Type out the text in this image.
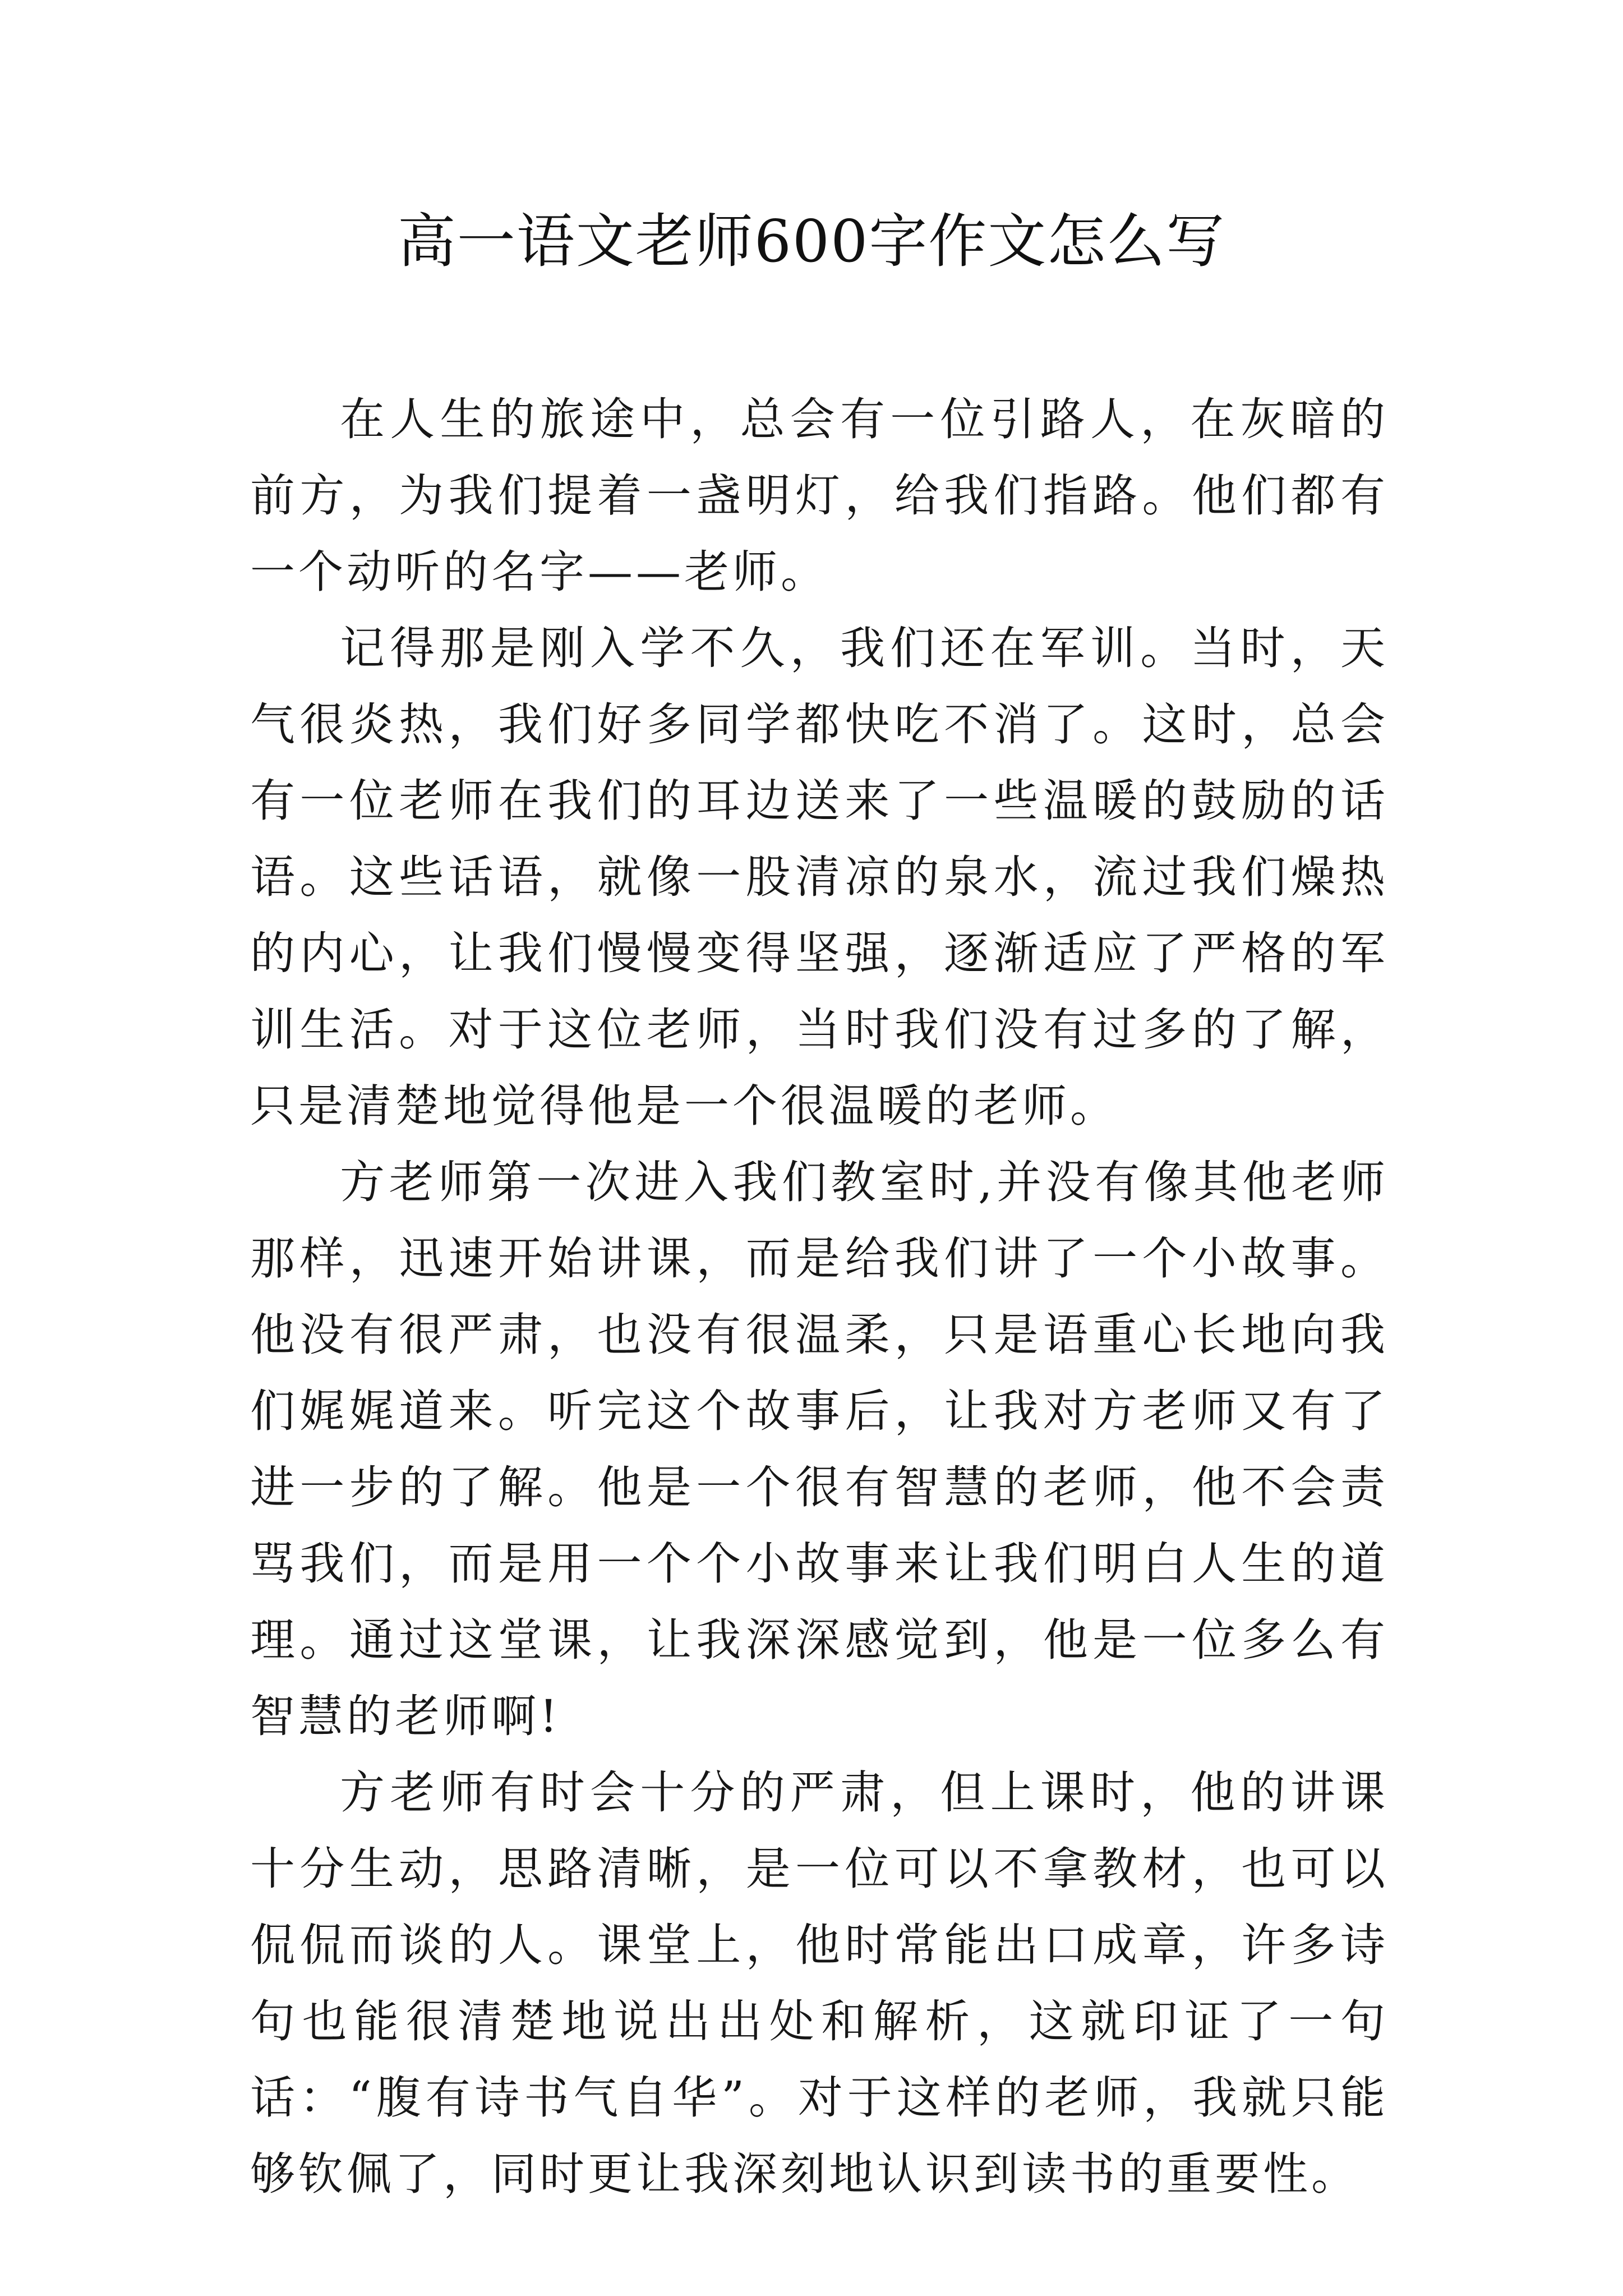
高一语文老师600字作文怎么写

在人生的旅途中，总会有一位引路人，在灰暗的前方，为我们提着一盏明灯，给我们指路。他们都有一个动听的名字——老师。

记得那是刚入学不久，我们还在军训。当时，天气很炎热，我们好多同学都快吃不消了。这时，总会有一位老师在我们的耳边送来了一些温暖的鼓励的话语。这些话语，就像一股清凉的泉水，流过我们燥热的内心，让我们慢慢变得坚强，逐渐适应了严格的军训生活。对于这位老师，当时我们没有过多的了解，只是清楚地觉得他是一个很温暖的老师。

方老师第一次进入我们教室时,并没有像其他老师那样，迅速开始讲课，而是给我们讲了一个小故事。他没有很严肃，也没有很温柔，只是语重心长地向我们娓娓道来。听完这个故事后，让我对方老师又有了进一步的了解。他是一个很有智慧的老师，他不会责骂我们，而是用一个个小故事来让我们明白人生的道理。通过这堂课，让我深深感觉到，他是一位多么有智慧的老师啊!

方老师有时会十分的严肃，但上课时，他的讲课十分生动，思路清晰，是一位可以不拿教材，也可以侃侃而谈的人。课堂上，他时常能出口成章，许多诗句也能很清楚地说出出处和解析，这就印证了一句话：“腹有诗书气自华”。对于这样的老师，我就只能够钦佩了，同时更让我深刻地认识到读书的重要性。
